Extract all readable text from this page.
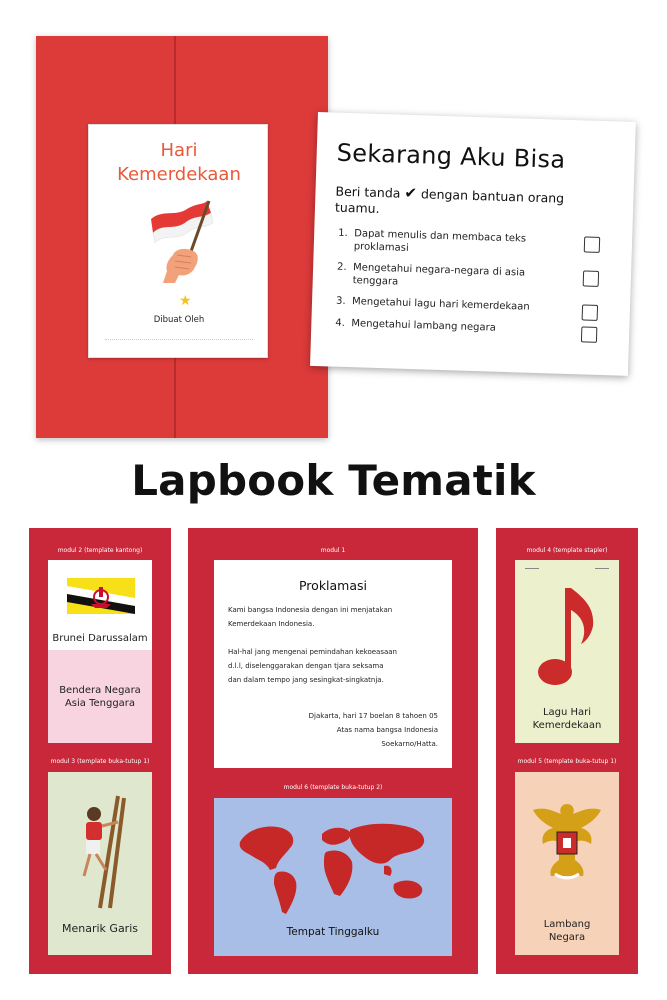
Hari
Kemerdekaan
★
Dibuat Oleh
Sekarang Aku Bisa
Beri tanda ✔ dengan bantuan orang tuamu.
1. Dapat menulis dan membaca teks proklamasi
2. Mengetahui negara-negara di asia tenggara
3. Mengetahui lagu hari kemerdekaan
4. Mengetahui lambang negara
Lapbook Tematik
modul 2 (template kantong)
Brunei Darussalam
Bendera Negara
Asia Tenggara
modul 3 (template buka-tutup 1)
Menarik Garis
modul 1
Proklamasi
Kami bangsa Indonesia dengan ini menjatakan
Kemerdekaan Indonesia.
Hal-hal jang mengenai pemindahan kekoeasaan
d.l.l, diselenggarakan dengan tjara seksama
dan dalam tempo jang sesingkat-singkatnja.
Djakarta, hari 17 boelan 8 tahoen 05
Atas nama bangsa Indonesia
Soekarno/Hatta.
modul 6 (template buka-tutup 2)
Tempat Tinggalku
modul 4 (template stapler)
Lagu Hari
Kemerdekaan
modul 5 (template buka-tutup 1)
Lambang
Negara
